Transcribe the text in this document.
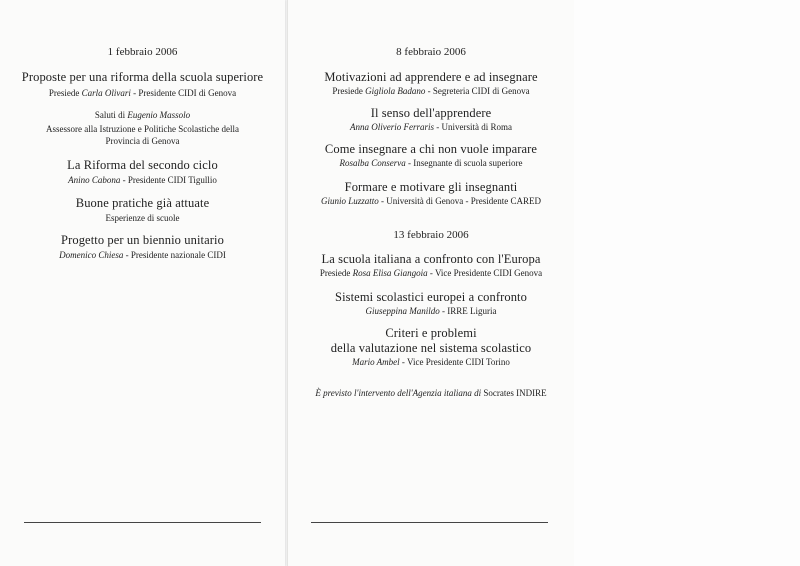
1 febbraio 2006
Proposte per una riforma della scuola superiore
Presiede Carla Olivari - Presidente CIDI di Genova
Saluti di Eugenio Massolo
Assessore alla Istruzione e Politiche Scolastiche della
Provincia di Genova
La Riforma del secondo ciclo
Anino Cabona - Presidente CIDI Tigullio
Buone pratiche già attuate
Esperienze di scuole
Progetto per un biennio unitario
Domenico Chiesa - Presidente nazionale CIDI
8 febbraio 2006
Motivazioni ad apprendere e ad insegnare
Presiede Gigliola Badano - Segreteria CIDI di Genova
Il senso dell'apprendere
Anna Oliverio Ferraris - Università di Roma
Come insegnare a chi non vuole imparare
Rosalba Conserva - Insegnante di scuola superiore
Formare e motivare gli insegnanti
Giunio Luzzatto - Università di Genova - Presidente CARED
13 febbraio 2006
La scuola italiana a confronto con l'Europa
Presiede Rosa Elisa Giangoia - Vice Presidente CIDI Genova
Sistemi scolastici europei a confronto
Giuseppina Manildo - IRRE Liguria
Criteri e problemi
della valutazione nel sistema scolastico
Mario Ambel - Vice Presidente CIDI Torino
È previsto l'intervento dell'Agenzia italiana di Socrates INDIRE
